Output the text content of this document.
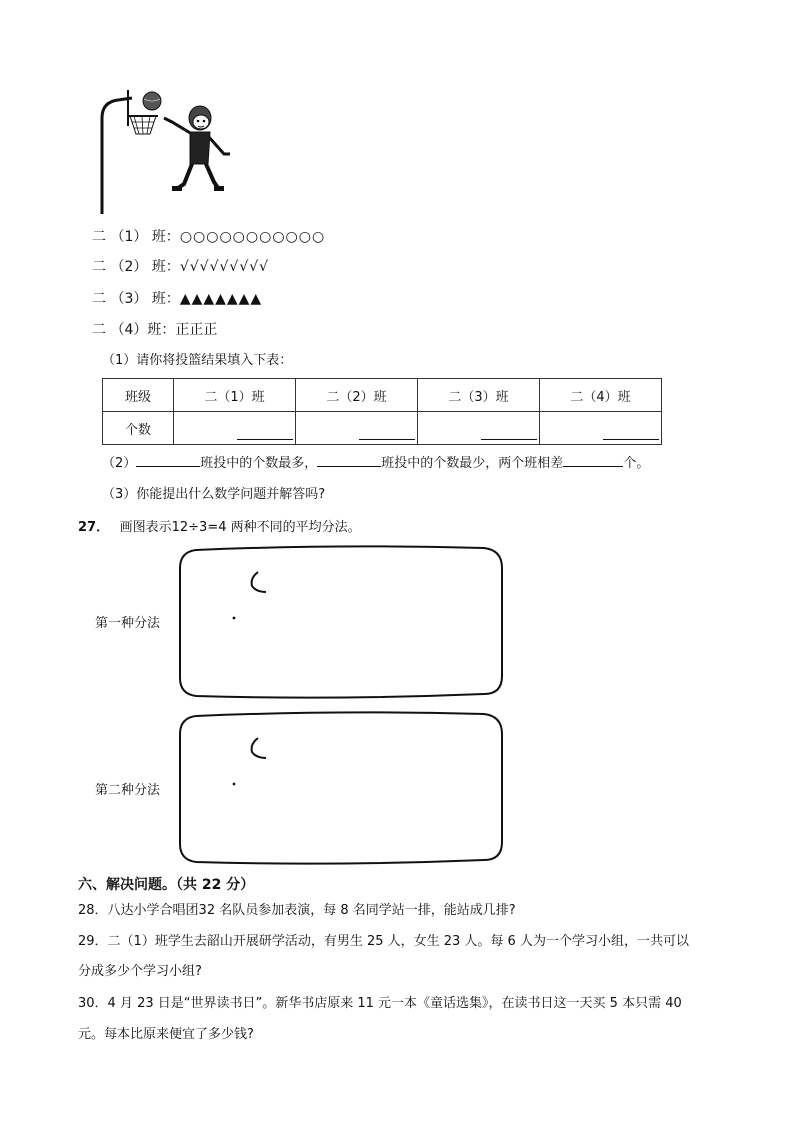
二 （1） 班：○○○○○○○○○○○
二 （2） 班：√√√√√√√√√
二 （3） 班：▲▲▲▲▲▲▲
二 （4）班：正正正
（1）请你将投篮结果填入下表：
班级	二（1）班	二（2）班	二（3）班	二（4）班
个数				
（2）	班投中的个数最多，	班投中的个数最少，两个班相差	个。
（3）你能提出什么数学问题并解答吗?
27． 画图表示12÷3=4 两种不同的平均分法。
第一种分法
第二种分法
六、解决问题。（共 22 分）
28．八达小学合唱团32 名队员参加表演，每 8 名同学站一排，能站成几排?
29．二（1）班学生去韶山开展研学活动，有男生 25 人，女生 23 人。每 6 人为一个学习小组，一共可以
分成多少个学习小组?
30．4 月 23 日是“世界读书日”。新华书店原来 11 元一本《童话选集》，在读书日这一天买 5 本只需 40
元。每本比原来便宜了多少钱?
